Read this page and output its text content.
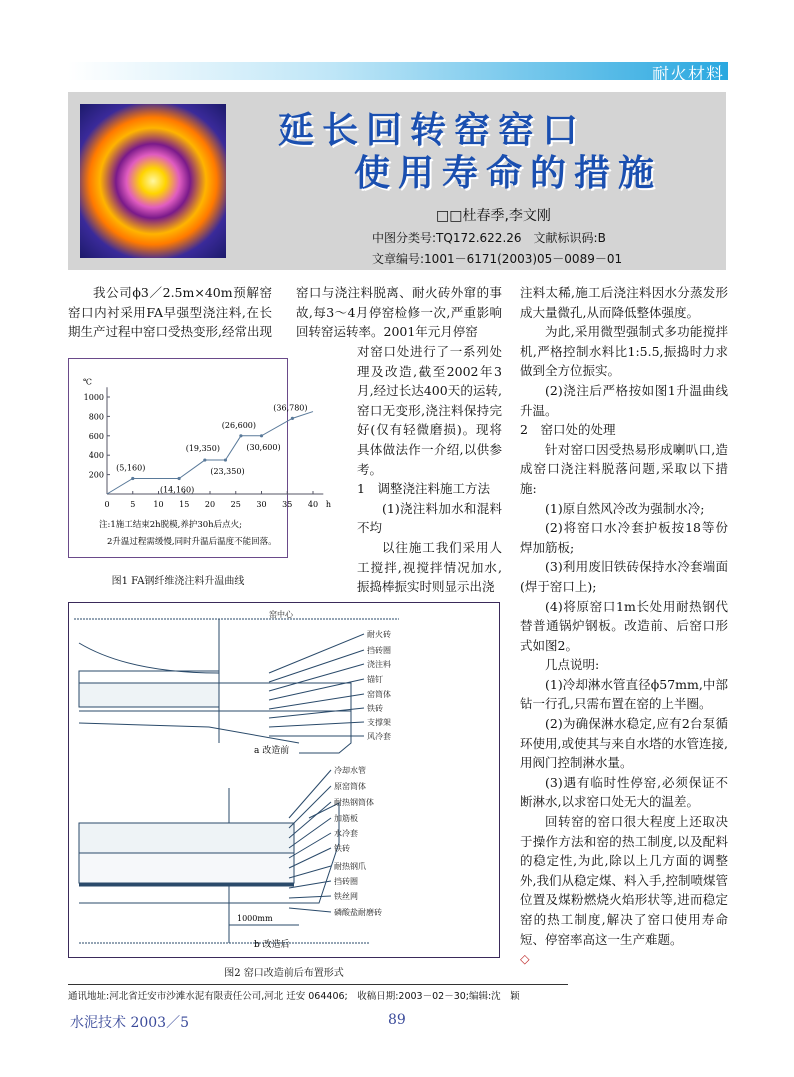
耐火材料
延长回转窑窑口
使用寿命的措施
□□杜春季,李文刚
中图分类号:TQ172.622.26　文献标识码:B
文章编号:1001－6171(2003)05－0089－01

我公司ϕ3／2.5m×40m预解窑窑口内衬采用FA早强型浇注料,在长期生产过程中窑口受热变形,经常出现

窑口与浇注料脱离、耐火砖外窜的事故,每3～4月停窑检修一次,严重影响回转窑运转率。2001年元月停窑

对窑口处进行了一系列处理及改造,截至2002年3月,经过长达400天的运转,窑口无变形,浇注料保持完好(仅有轻微磨损)。现将具体做法作一介绍,以供参考。

1　调整浇注料施工方法

(1)浇注料加水和混料不均

以往施工我们采用人工搅拌,视搅拌情况加水,振捣棒振实时则显示出浇

注料太稀,施工后浇注料因水分蒸发形成大量微孔,从而降低整体强度。

为此,采用微型强制式多功能搅拌机,严格控制水料比1:5.5,振捣时力求做到全方位振实。

(2)浇注后严格按如图1升温曲线升温。

2　窑口处的处理

针对窑口因受热易形成喇叭口,造成窑口浇注料脱落问题,采取以下措施:

(1)原自然风冷改为强制水冷;

(2)将窑口水冷套护板按18等份焊加筋板;

(3)利用废旧铁砖保持水冷套端面(焊于窑口上);

(4)将原窑口1m长处用耐热钢代替普通锅炉钢板。改造前、后窑口形式如图2。

几点说明:

(1)冷却淋水管直径ϕ57mm,中部钻一行孔,只需布置在窑的上半圈。

(2)为确保淋水稳定,应有2台泵循环使用,或使其与来自水塔的水管连接,用阀门控制淋水量。

(3)遇有临时性停窑,必须保证不断淋水,以求窑口处无大的温差。

回转窑的窑口很大程度上还取决于操作方法和窑的热工制度,以及配料的稳定性,为此,除以上几方面的调整外,我们从稳定煤、料入手,控制喷煤管位置及煤粉燃烧火焰形状等,进而稳定窑的热工制度,解决了窑口使用寿命短、停窑率高这一生产难题。

◇

0	5 10 15 20 25 30 35 40
200
400
600
800
1000
h
℃
(5,160)
(14,160)
(19,350)
(23,350)
(26,600)
(30,600)
(36,780)
注:1施工结束2h脱模,养护30h后点火;
2升温过程需缓慢,同时升温后温度不能回落。
图1 FA钢纤维浇注料升温曲线
耐火砖
挡砖圈
浇注料
锚钉
窑筒体
铁砖
支撑架
风冷套
冷却水管
原窑筒体
耐热钢筒体
加筋板
水冷套
铁砖
耐热钢爪
挡砖圈
铁丝网
磷酸盐耐磨砖
窑中心
a 改造前
1000mm
b 改造后
图2 窑口改造前后布置形式
通讯地址:河北省迁安市沙滩水泥有限责任公司,河北 迁安 064406;　收稿日期:2003－02－30;编辑:沈　颖
水泥技术 2003／5	89
